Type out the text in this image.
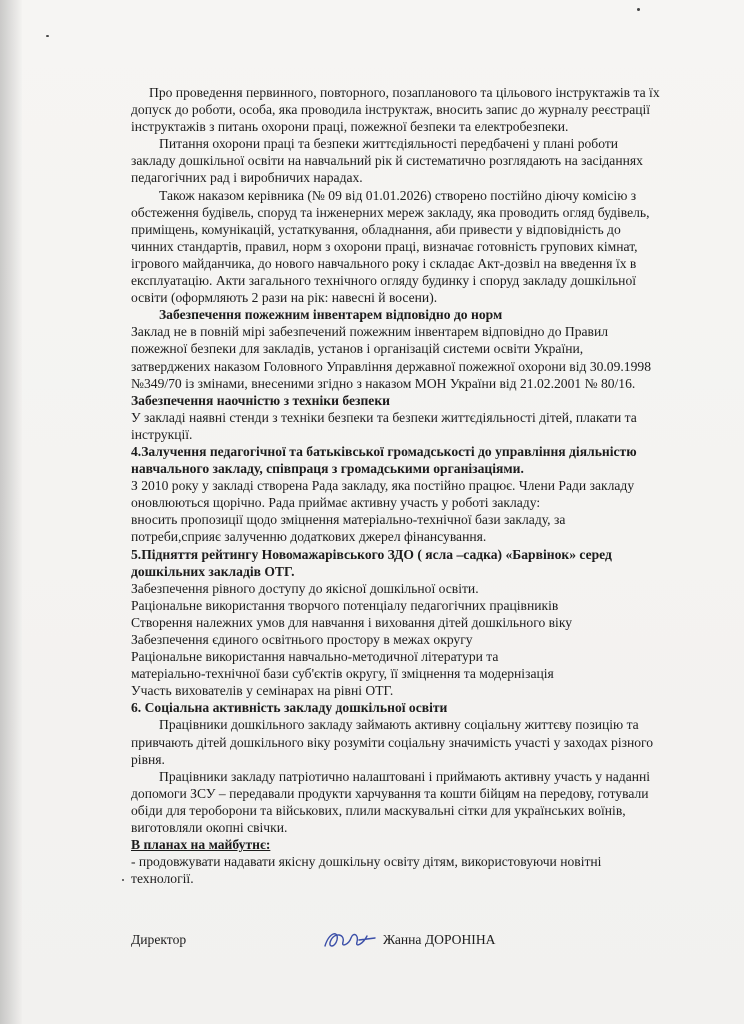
Про проведення первинного, повторного, позапланового та цільового інструктажів та їх

допуск до роботи, особа, яка проводила інструктаж, вносить запис до журналу реєстрації

інструктажів з питань охорони праці, пожежної безпеки та електробезпеки.

Питання охорони праці та безпеки життєдіяльності передбачені у плані роботи

закладу дошкільної освіти на навчальний рік й систематично розглядають на засіданнях

педагогічних рад і виробничих нарадах.

Також наказом керівника (№ 09 від 01.01.2026) створено постійно діючу комісію з

обстеження будівель, споруд та інженерних мереж закладу, яка проводить огляд будівель,

приміщень, комунікацій, устаткування, обладнання, аби привести у відповідність до

чинних стандартів, правил, норм з охорони праці, визначає готовність групових кімнат,

ігрового майданчика, до нового навчального року і складає Акт-дозвіл на введення їх в

експлуатацію. Акти загального технічного огляду будинку і споруд закладу дошкільної

освіти (оформляють 2 рази на рік: навесні й восени).

Забезпечення пожежним інвентарем відповідно до норм

Заклад не в повній мірі забезпечений пожежним інвентарем відповідно до Правил

пожежної безпеки для закладів, установ і організацій системи освіти України,

затверджених наказом Головного Управління державної пожежної охорони від 30.09.1998

№349/70 із змінами, внесеними згідно з наказом МОН України від 21.02.2001 № 80/16.

Забезпечення наочністю з техніки безпеки

У закладі наявні стенди з техніки безпеки та безпеки життєдіяльності дітей, плакати та

інструкції.

4.Залучення педагогічної та батьківської громадськості до управління діяльністю

навчального закладу, співпраця з громадськими організаціями.

З 2010 року у закладі створена Рада закладу, яка постійно працює. Члени Ради закладу

оновлюються щорічно. Рада приймає активну участь у роботі закладу:

вносить пропозиції щодо зміцнення матеріально-технічної бази закладу, за

потреби,сприяє залученню додаткових джерел фінансування.

5.Підняття рейтингу Новомажарівського ЗДО ( ясла –садка) «Барвінок» серед

дошкільних закладів ОТГ.

Забезпечення рівного доступу до якісної дошкільної освіти.

Раціональне використання творчого потенціалу педагогічних працівників

Створення належних умов для навчання і виховання дітей дошкільного віку

Забезпечення єдиного освітнього простору в межах округу

Раціональне використання навчально-методичної літератури та

матеріально-технічної бази суб'єктів округу, її зміцнення та модернізація

Участь вихователів у семінарах на рівні ОТГ.

6. Соціальна активність закладу дошкільної освіти

Працівники дошкільного закладу займають активну соціальну життєву позицію та

привчають дітей дошкільного віку розуміти соціальну значимість участі у заходах різного

рівня.

Працівники закладу патріотично налаштовані і приймають активну участь у наданні

допомоги ЗСУ – передавали продукти харчування та кошти бійцям на передову, готували

обіди для тероборони та військових, плили маскувальні сітки для українських воїнів,

виготовляли окопні свічки.

В планах на майбутнє:

- продовжувати надавати якісну дошкільну освіту дітям, використовуючи новітні

технології.

Директор	Жанна ДОРОНІНА
